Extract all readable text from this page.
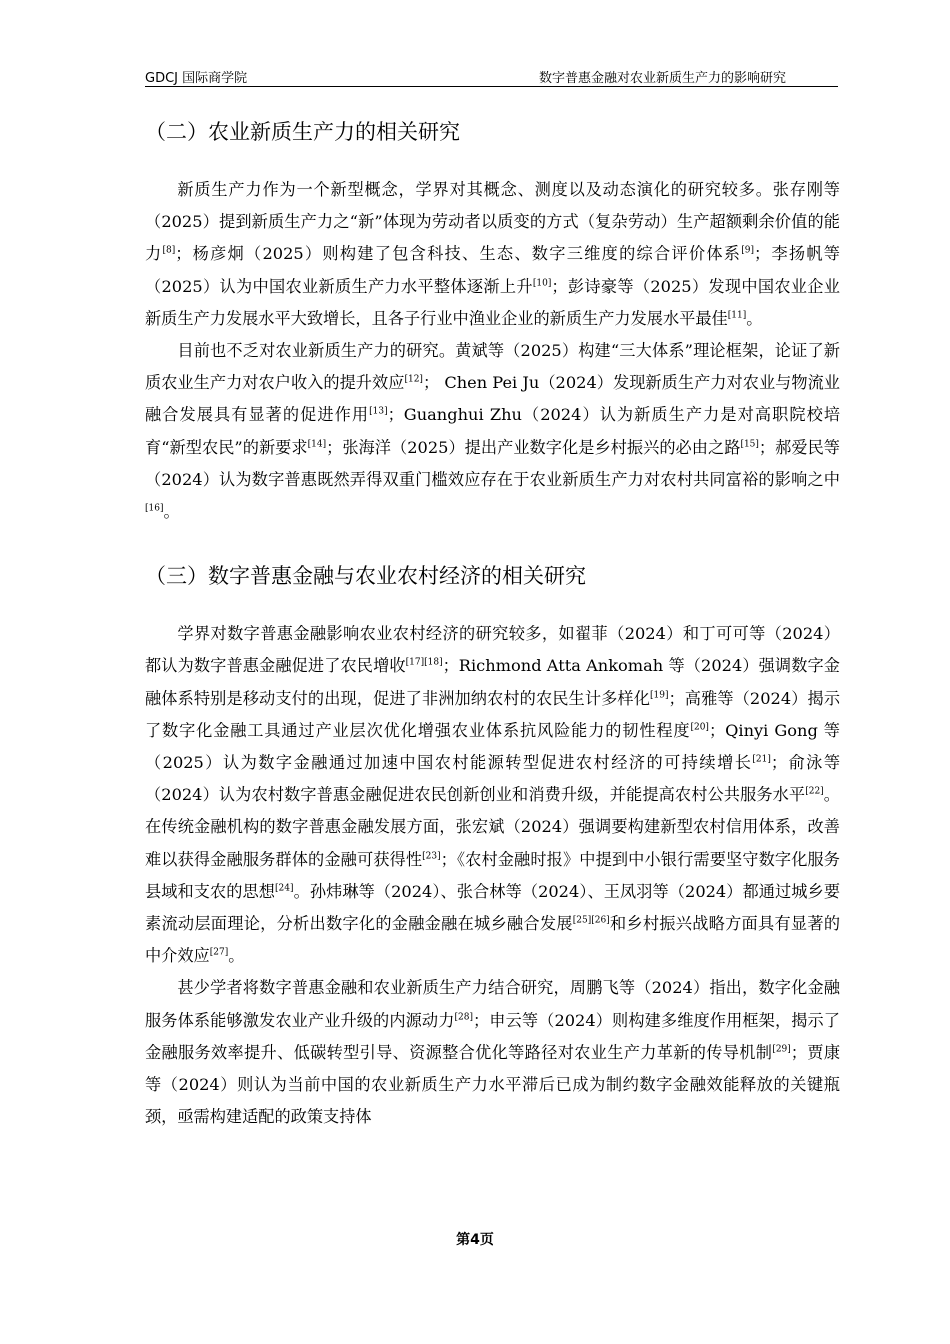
GDCJ 国际商学院	数字普惠金融对农业新质生产力的影响研究
（二）农业新质生产力的相关研究

新质生产力作为一个新型概念，学界对其概念、测度以及动态演化的研究较多。张存刚等（2025）提到新质生产力之“新”体现为劳动者以质变的方式（复杂劳动）生产超额剩余价值的能力[8]；杨彦炯（2025）则构建了包含科技、生态、数字三维度的综合评价体系[9]；李扬帆等（2025）认为中国农业新质生产力水平整体逐渐上升[10]；彭诗豪等（2025）发现中国农业企业新质生产力发展水平大致增长，且各子行业中渔业企业的新质生产力发展水平最佳[11]。

目前也不乏对农业新质生产力的研究。黄斌等（2025）构建“三大体系”理论框架，论证了新质农业生产力对农户收入的提升效应[12]； Chen Pei Ju（2024）发现新质生产力对农业与物流业融合发展具有显著的促进作用[13]；Guanghui Zhu（2024）认为新质生产力是对高职院校培育“新型农民”的新要求[14]；张海洋（2025）提出产业数字化是乡村振兴的必由之路[15]；郝爱民等（2024）认为数字普惠既然弄得双重门槛效应存在于农业新质生产力对农村共同富裕的影响之中[16]。

（三）数字普惠金融与农业农村经济的相关研究

学界对数字普惠金融影响农业农村经济的研究较多，如翟菲（2024）和丁可可等（2024）都认为数字普惠金融促进了农民增收[17][18]；Richmond Atta Ankomah 等（2024）强调数字金融体系特别是移动支付的出现，促进了非洲加纳农村的农民生计多样化[19]；高雅等（2024）揭示了数字化金融工具通过产业层次优化增强农业体系抗风险能力的韧性程度[20]；Qinyi Gong 等（2025）认为数字金融通过加速中国农村能源转型促进农村经济的可持续增长[21]；俞泳等（2024）认为农村数字普惠金融促进农民创新创业和消费升级，并能提高农村公共服务水平[22]。在传统金融机构的数字普惠金融发展方面，张宏斌（2024）强调要构建新型农村信用体系，改善难以获得金融服务群体的金融可获得性[23]；《农村金融时报》中提到中小银行需要坚守数字化服务县域和支农的思想[24]。孙炜琳等（2024）、张合林等（2024）、王凤羽等（2024）都通过城乡要素流动层面理论，分析出数字化的金融金融在城乡融合发展[25][26]和乡村振兴战略方面具有显著的中介效应[27]。

甚少学者将数字普惠金融和农业新质生产力结合研究，周鹏飞等（2024）指出，数字化金融服务体系能够激发农业产业升级的内源动力[28]；申云等（2024）则构建多维度作用框架，揭示了金融服务效率提升、低碳转型引导、资源整合优化等路径对农业生产力革新的传导机制[29]；贾康等（2024）则认为当前中国的农业新质生产力水平滞后已成为制约数字金融效能释放的关键瓶颈，亟需构建适配的政策支持体

第4页
